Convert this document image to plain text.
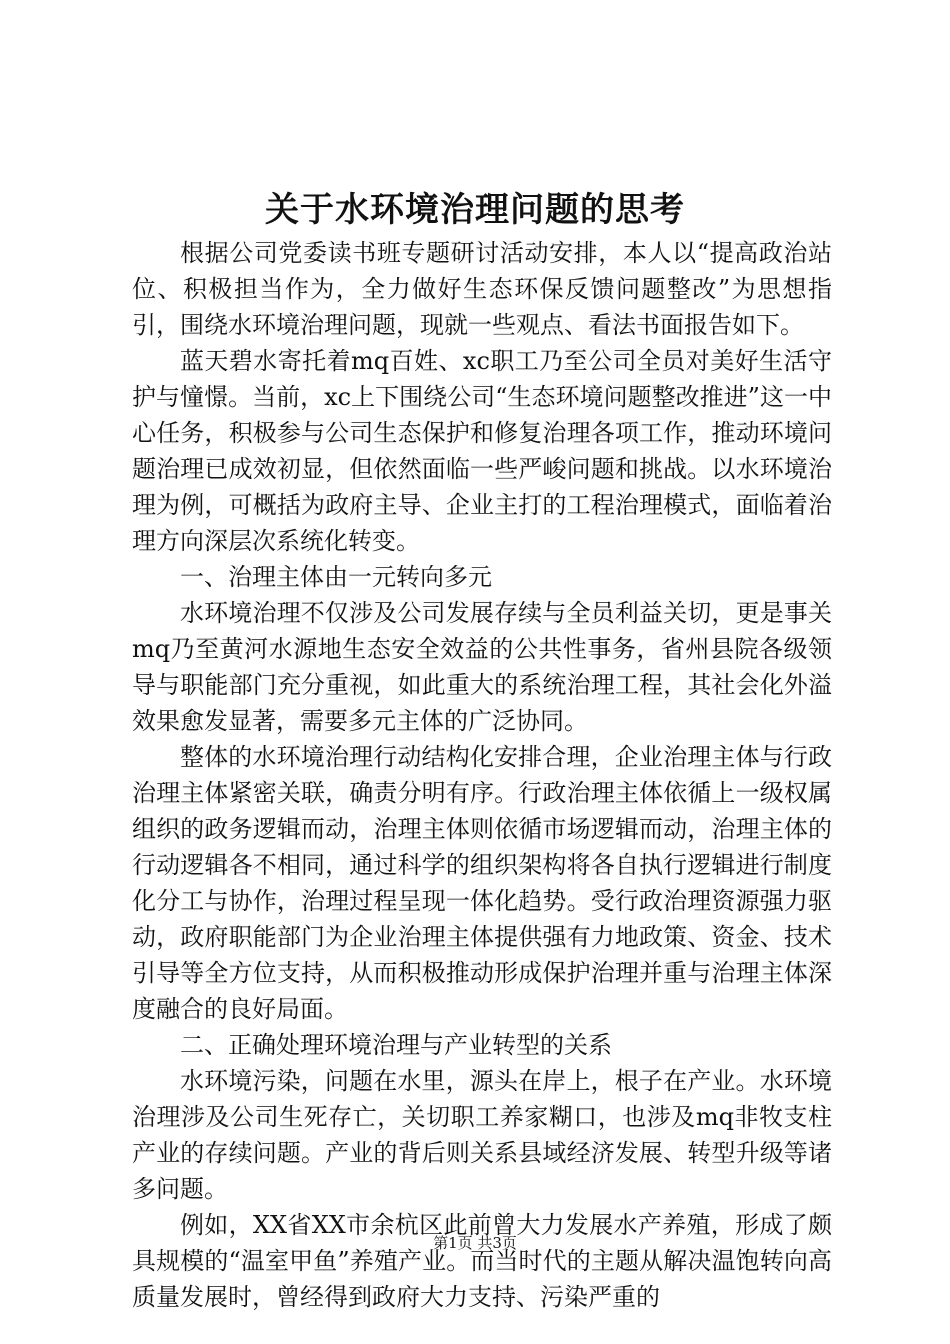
关于水环境治理问题的思考

根据公司党委读书班专题研讨活动安排，本人以“提高政治站位、积极担当作为，全力做好生态环保反馈问题整改”为思想指引，围绕水环境治理问题，现就一些观点、看法书面报告如下。

蓝天碧水寄托着mq百姓、xc职工乃至公司全员对美好生活守护与憧憬。当前，xc上下围绕公司“生态环境问题整改推进”这一中心任务，积极参与公司生态保护和修复治理各项工作，推动环境问题治理已成效初显，但依然面临一些严峻问题和挑战。以水环境治理为例，可概括为政府主导、企业主打的工程治理模式，面临着治理方向深层次系统化转变。

一、治理主体由一元转向多元

水环境治理不仅涉及公司发展存续与全员利益关切，更是事关mq乃至黄河水源地生态安全效益的公共性事务，省州县院各级领导与职能部门充分重视，如此重大的系统治理工程，其社会化外溢效果愈发显著，需要多元主体的广泛协同。

整体的水环境治理行动结构化安排合理，企业治理主体与行政治理主体紧密关联，确责分明有序。行政治理主体依循上一级权属组织的政务逻辑而动，治理主体则依循市场逻辑而动，治理主体的行动逻辑各不相同，通过科学的组织架构将各自执行逻辑进行制度化分工与协作，治理过程呈现一体化趋势。受行政治理资源强力驱动，政府职能部门为企业治理主体提供强有力地政策、资金、技术引导等全方位支持，从而积极推动形成保护治理并重与治理主体深度融合的良好局面。

二、正确处理环境治理与产业转型的关系

水环境污染，问题在水里，源头在岸上，根子在产业。水环境治理涉及公司生死存亡，关切职工养家糊口，也涉及mq非牧支柱产业的存续问题。产业的背后则关系县域经济发展、转型升级等诸多问题。

例如，XX省XX市余杭区此前曾大力发展水产养殖，形成了颇具规模的“温室甲鱼”养殖产业。而当时代的主题从解决温饱转向高质量发展时，曾经得到政府大力支持、污染严重的

第1页 共3页
